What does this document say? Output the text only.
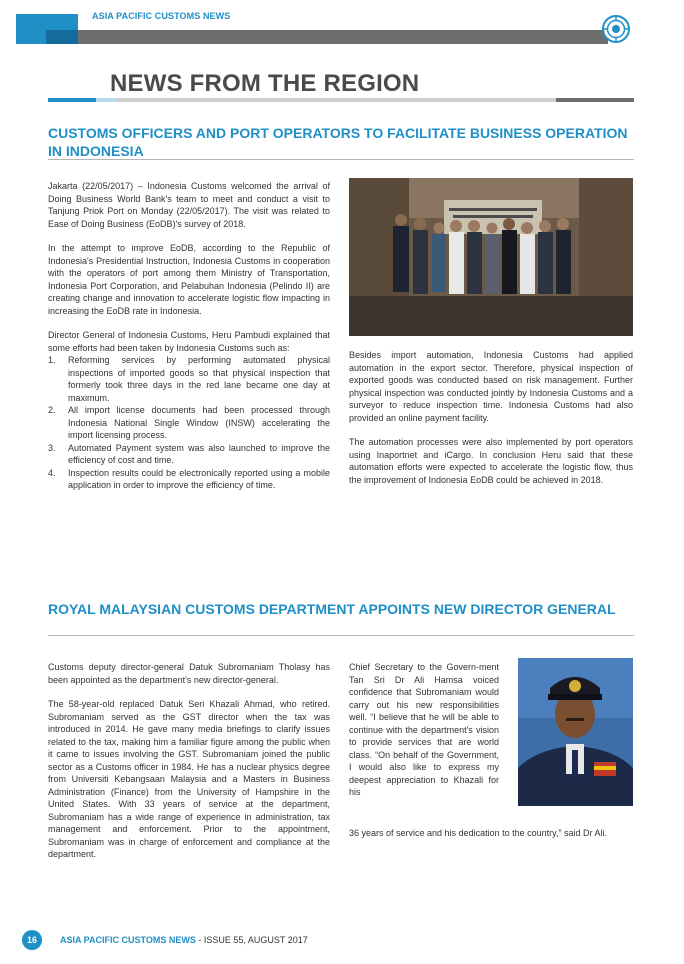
ASIA PACIFIC CUSTOMS NEWS
NEWS FROM THE REGION
CUSTOMS OFFICERS AND PORT OPERATORS TO FACILITATE BUSINESS OPERATION IN INDONESIA

Jakarta (22/05/2017) – Indonesia Customs welcomed the arrival of Doing Business World Bank's team to meet and conduct a visit to Tanjung Priok Port on Monday (22/05/2017). The visit was related to Ease of Doing Business (EoDB)'s survey of 2018.

In the attempt to improve EoDB, according to the Republic of Indonesia's Presidential Instruction, Indonesia Customs in cooperation with the operators of port among them Ministry of Transportation, Indonesia Port Corporation, and Pelabuhan Indonesia (Pelindo II) are creating change and innovation to accelerate logistic flow impacting in increasing the EoDB rate in Indonesia.

Director General of Indonesia Customs, Heru Pambudi explained that some efforts had been taken by Indonesia Customs such as:

1. Reforming services by performing automated physical inspections of imported goods so that physical inspection that formerly took three days in the red lane became one day at maximum.
2. All import license documents had been processed through Indonesia National Single Window (INSW) accelerating the import licensing process.
3. Automated Payment system was also launched to improve the efficiency of cost and time.
4. Inspection results could be electronically reported using a mobile application in order to improve the efficiency of time.

Besides import automation, Indonesia Customs had applied automation in the export sector. Therefore, physical inspection of exported goods was conducted based on risk management. Further physical inspection was conducted jointly by Indonesia Customs and a surveyor to reduce inspection time. Indonesia Customs had also provided an online payment facility.

The automation processes were also implemented by port operators using Inaportnet and iCargo. In conclusion Heru said that these automation efforts were expected to accelerate the logistic flow, thus the improvement of Indonesia EoDB could be achieved in 2018.

ROYAL MALAYSIAN CUSTOMS DEPARTMENT APPOINTS NEW DIRECTOR GENERAL

Customs deputy director-general Datuk Subromaniam Tholasy has been appointed as the department's new director-general.

The 58-year-old replaced Datuk Seri Khazali Ahmad, who retired. Subromaniam served as the GST director when the tax was introduced in 2014. He gave many media briefings to clarify issues related to the tax, making him a familiar figure among the public when it came to issues involving the GST. Subromaniam joined the public sector as a Customs officer in 1984. He has a nuclear physics degree from Universiti Kebangsaan Malaysia and a Masters in Business Administration (Finance) from the University of Hampshire in the United States. With 33 years of service at the department, Subromaniam has a wide range of experience in administration, tax management and enforcement. Prior to the appointment, Subromaniam was in charge of enforcement and compliance at the department.

Chief Secretary to the Govern-ment Tan Sri Dr Ali Hamsa voiced confidence that Subromaniam would carry out his new responsibilities well. “I believe that he will be able to continue with the department's vision to provide services that are world class. “On behalf of the Government, I would also like to express my deepest appreciation to Khazali for his
36 years of service and his dedication to the country,” said Dr Ali.
16	ASIA PACIFIC CUSTOMS NEWS - ISSUE 55, AUGUST 2017
